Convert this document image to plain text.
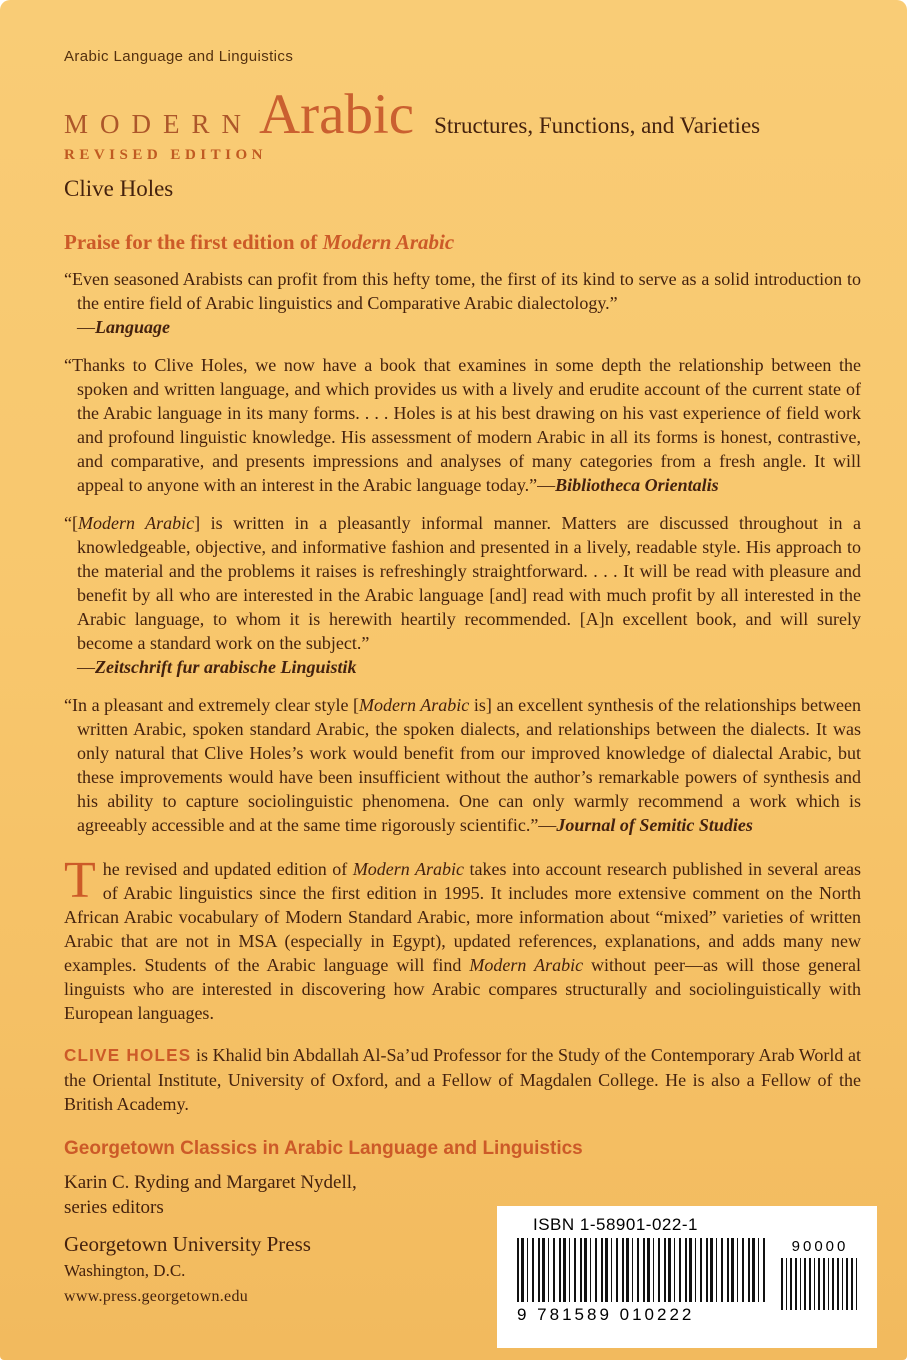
Arabic Language and Linguistics
MODERN Arabic Structures, Functions, and Varieties
REVISED EDITION
Clive Holes
Praise for the first edition of Modern Arabic

“Even seasoned Arabists can profit from this hefty tome, the first of its kind to serve as a solid introduction to the entire field of Arabic linguistics and Comparative Arabic dialectology.”
—Language

“Thanks to Clive Holes, we now have a book that examines in some depth the relationship between the spoken and written language, and which provides us with a lively and erudite account of the current state of the Arabic language in its many forms. . . . Holes is at his best drawing on his vast experience of field work and profound linguistic knowledge. His assessment of modern Arabic in all its forms is honest, contrastive, and comparative, and presents impressions and analyses of many categories from a fresh angle. It will appeal to anyone with an interest in the Arabic language today.”—Bibliotheca Orientalis

“[Modern Arabic] is written in a pleasantly informal manner. Matters are discussed throughout in a knowledgeable, objective, and informative fashion and presented in a lively, readable style. His approach to the material and the problems it raises is refreshingly straightforward. . . . It will be read with pleasure and benefit by all who are interested in the Arabic language [and] read with much profit by all interested in the Arabic language, to whom it is herewith heartily recommended. [A]n excellent book, and will surely become a standard work on the subject.”
—Zeitschrift fur arabische Linguistik

“In a pleasant and extremely clear style [Modern Arabic is] an excellent synthesis of the relationships between written Arabic, spoken standard Arabic, the spoken dialects, and relationships between the dialects. It was only natural that Clive Holes’s work would benefit from our improved knowledge of dialectal Arabic, but these improvements would have been insufficient without the author’s remarkable powers of synthesis and his ability to capture sociolinguistic phenomena. One can only warmly recommend a work which is agreeably accessible and at the same time rigorously scientific.”—Journal of Semitic Studies

The revised and updated edition of Modern Arabic takes into account research published in several areas of Arabic linguistics since the first edition in 1995. It includes more extensive comment on the North African Arabic vocabulary of Modern Standard Arabic, more information about “mixed” varieties of written Arabic that are not in MSA (especially in Egypt), updated references, explanations, and adds many new examples. Students of the Arabic language will find Modern Arabic without peer—as will those general linguists who are interested in discovering how Arabic compares structurally and sociolinguistically with European languages.

CLIVE HOLES is Khalid bin Abdallah Al-Sa’ud Professor for the Study of the Contemporary Arab World at the Oriental Institute, University of Oxford, and a Fellow of Magdalen College. He is also a Fellow of the British Academy.

Georgetown Classics in Arabic Language and Linguistics
Karin C. Ryding and Margaret Nydell,
series editors
Georgetown University Press
Washington, D.C.
www.press.georgetown.edu
ISBN 1-58901-022-1
9 781589 010222
90000
